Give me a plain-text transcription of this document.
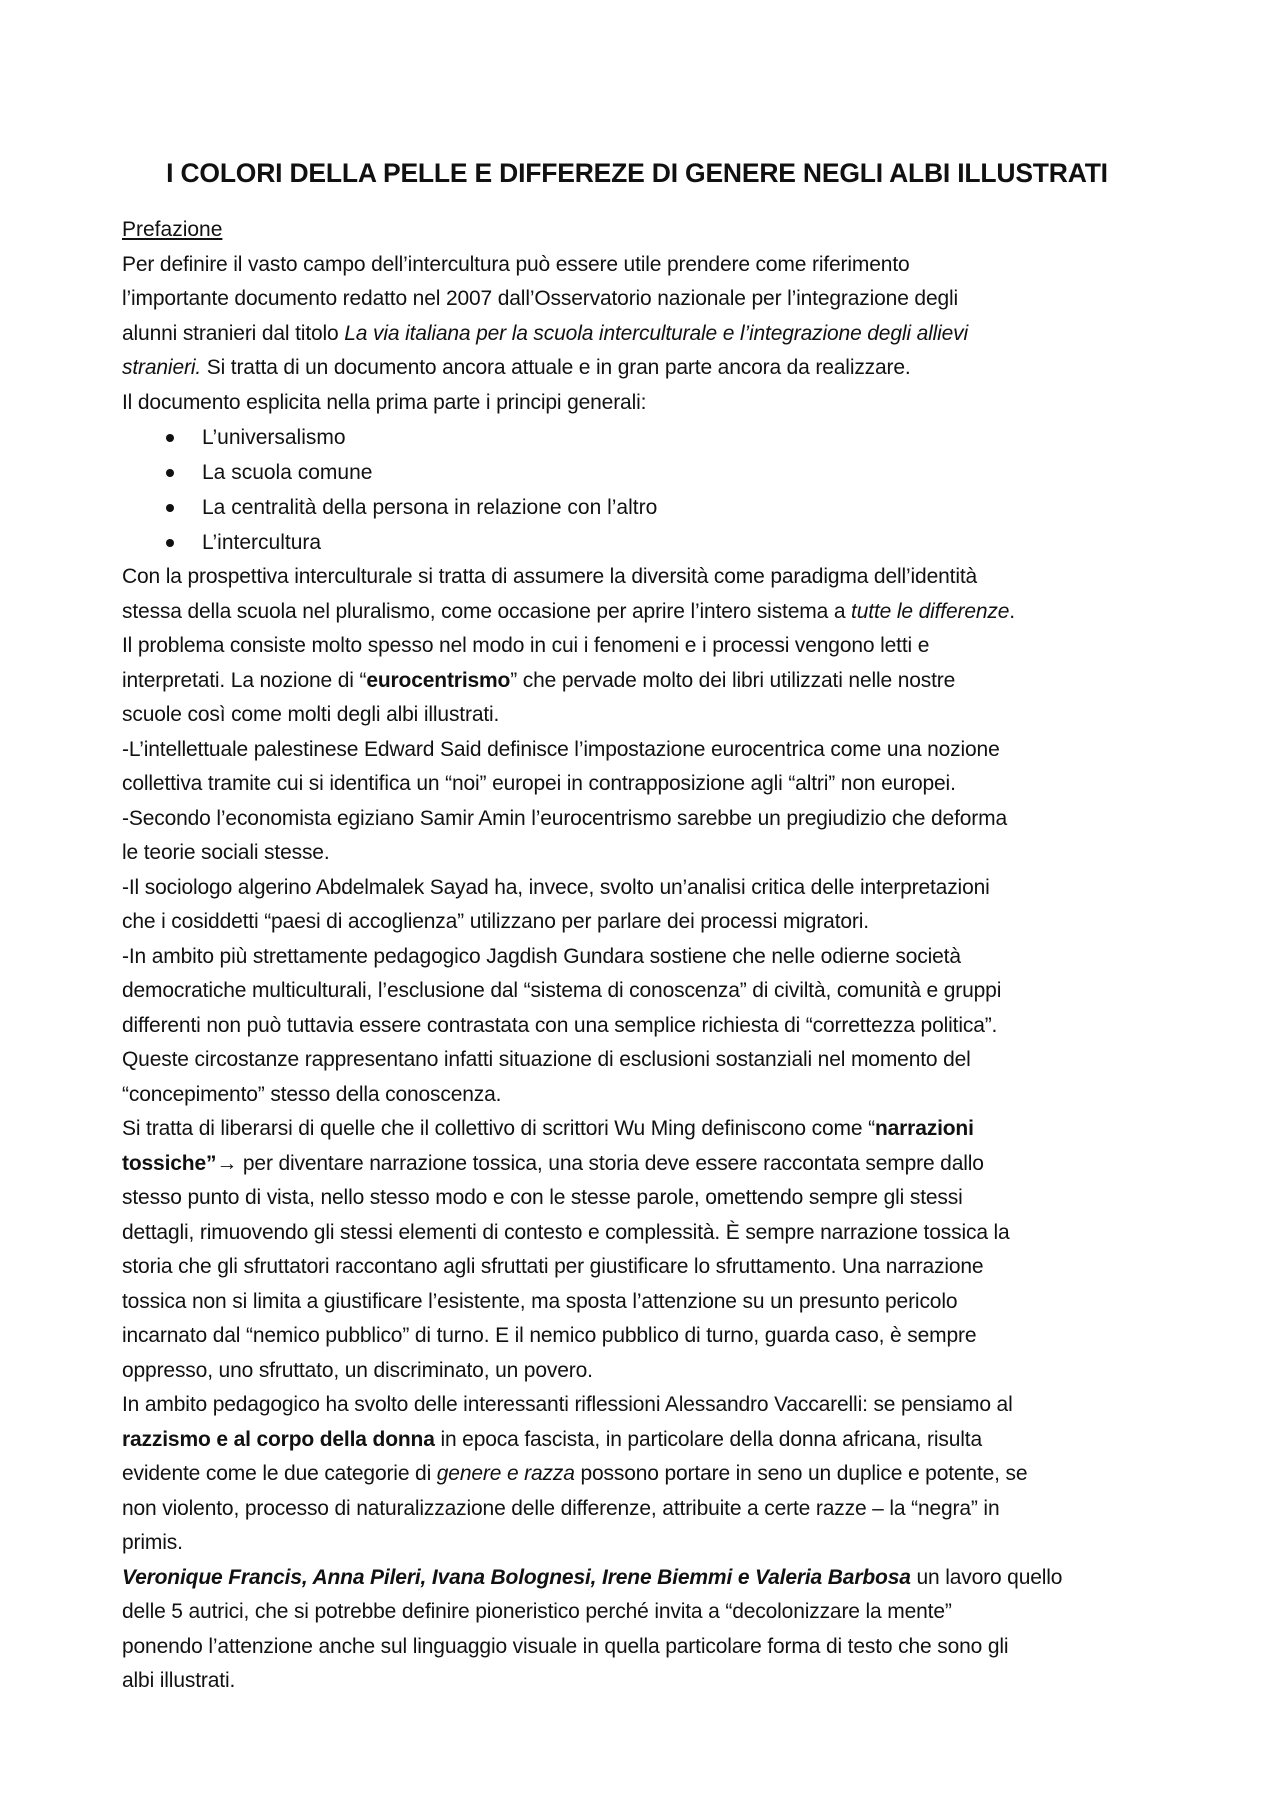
I COLORI DELLA PELLE E DIFFEREZE DI GENERE NEGLI ALBI ILLUSTRATI
Prefazione

Per definire il vasto campo dell’intercultura può essere utile prendere come riferimento
l’importante documento redatto nel 2007 dall’Osservatorio nazionale per l’integrazione degli
alunni stranieri dal titolo La via italiana per la scuola interculturale e l’integrazione degli allievi
stranieri. Si tratta di un documento ancora attuale e in gran parte ancora da realizzare.
Il documento esplicita nella prima parte i principi generali:

L’universalismo
La scuola comune
La centralità della persona in relazione con l’altro
L’intercultura

Con la prospettiva interculturale si tratta di assumere la diversità come paradigma dell’identità
stessa della scuola nel pluralismo, come occasione per aprire l’intero sistema a tutte le differenze.
Il problema consiste molto spesso nel modo in cui i fenomeni e i processi vengono letti e
interpretati. La nozione di “eurocentrismo” che pervade molto dei libri utilizzati nelle nostre
scuole così come molti degli albi illustrati.
-L’intellettuale palestinese Edward Said definisce l’impostazione eurocentrica come una nozione
collettiva tramite cui si identifica un “noi” europei in contrapposizione agli “altri” non europei.
-Secondo l’economista egiziano Samir Amin l’eurocentrismo sarebbe un pregiudizio che deforma
le teorie sociali stesse.
-Il sociologo algerino Abdelmalek Sayad ha, invece, svolto un’analisi critica delle interpretazioni
che i cosiddetti “paesi di accoglienza” utilizzano per parlare dei processi migratori.
-In ambito più strettamente pedagogico Jagdish Gundara sostiene che nelle odierne società
democratiche multiculturali, l’esclusione dal “sistema di conoscenza” di civiltà, comunità e gruppi
differenti non può tuttavia essere contrastata con una semplice richiesta di “correttezza politica”.
Queste circostanze rappresentano infatti situazione di esclusioni sostanziali nel momento del
“concepimento” stesso della conoscenza.

Si tratta di liberarsi di quelle che il collettivo di scrittori Wu Ming definiscono come “narrazioni
tossiche”→ per diventare narrazione tossica, una storia deve essere raccontata sempre dallo
stesso punto di vista, nello stesso modo e con le stesse parole, omettendo sempre gli stessi
dettagli, rimuovendo gli stessi elementi di contesto e complessità. È sempre narrazione tossica la
storia che gli sfruttatori raccontano agli sfruttati per giustificare lo sfruttamento. Una narrazione
tossica non si limita a giustificare l’esistente, ma sposta l’attenzione su un presunto pericolo
incarnato dal “nemico pubblico” di turno. E il nemico pubblico di turno, guarda caso, è sempre
oppresso, uno sfruttato, un discriminato, un povero.

In ambito pedagogico ha svolto delle interessanti riflessioni Alessandro Vaccarelli: se pensiamo al
razzismo e al corpo della donna in epoca fascista, in particolare della donna africana, risulta
evidente come le due categorie di genere e razza possono portare in seno un duplice e potente, se
non violento, processo di naturalizzazione delle differenze, attribuite a certe razze – la “negra” in
primis.

Veronique Francis, Anna Pileri, Ivana Bolognesi, Irene Biemmi e Valeria Barbosa un lavoro quello
delle 5 autrici, che si potrebbe definire pioneristico perché invita a “decolonizzare la mente”
ponendo l’attenzione anche sul linguaggio visuale in quella particolare forma di testo che sono gli
albi illustrati.
